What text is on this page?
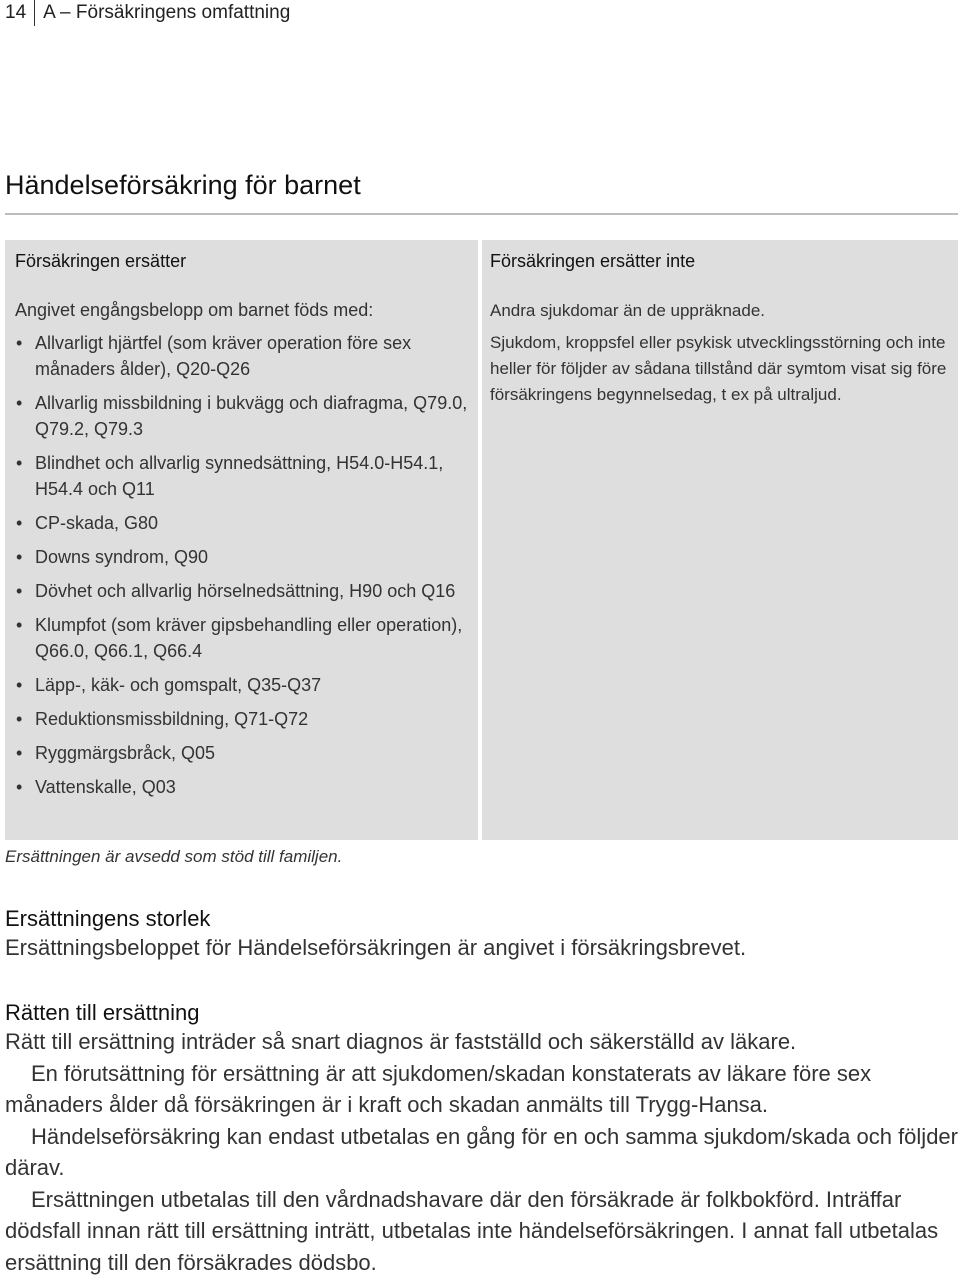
14 A – Försäkringens omfattning
Händelseförsäkring för barnet
Försäkringen ersätter

Angivet engångsbelopp om barnet föds med:

• Allvarligt hjärtfel (som kräver operation före sex månaders ålder), Q20-Q26
• Allvarlig missbildning i bukvägg och diafragma, Q79.0, Q79.2, Q79.3
• Blindhet och allvarlig synnedsättning, H54.0-H54.1, H54.4 och Q11
• CP-skada, G80
• Downs syndrom, Q90
• Dövhet och allvarlig hörselnedsättning, H90 och Q16
• Klumpfot (som kräver gipsbehandling eller operation), Q66.0, Q66.1, Q66.4
• Läpp-, käk- och gomspalt, Q35-Q37
• Reduktionsmissbildning, Q71-Q72
• Ryggmärgsbråck, Q05
• Vattenskalle, Q03
Försäkringen ersätter inte

Andra sjukdomar än de uppräknade.

Sjukdom, kroppsfel eller psykisk utvecklingsstörning och inte heller för följder av sådana tillstånd där symtom visat sig före försäkringens begynnelsedag, t ex på ultraljud.

Ersättningen är avsedd som stöd till familjen.
Ersättningens storlek

Ersättningsbeloppet för Händelseförsäkringen är angivet i försäkringsbrevet.

Rätten till ersättning

Rätt till ersättning inträder så snart diagnos är fastställd och säkerställd av läkare.

En förutsättning för ersättning är att sjukdomen/skadan konstaterats av läkare före sex månaders ålder då försäkringen är i kraft och skadan anmälts till Trygg-Hansa.

Händelseförsäkring kan endast utbetalas en gång för en och samma sjukdom/skada och följder därav.

Ersättningen utbetalas till den vårdnadshavare där den försäkrade är folkbokförd. Inträffar dödsfall innan rätt till ersättning inträtt, utbetalas inte händelseförsäkringen. I annat fall utbetalas ersättning till den försäkrades dödsbo.
